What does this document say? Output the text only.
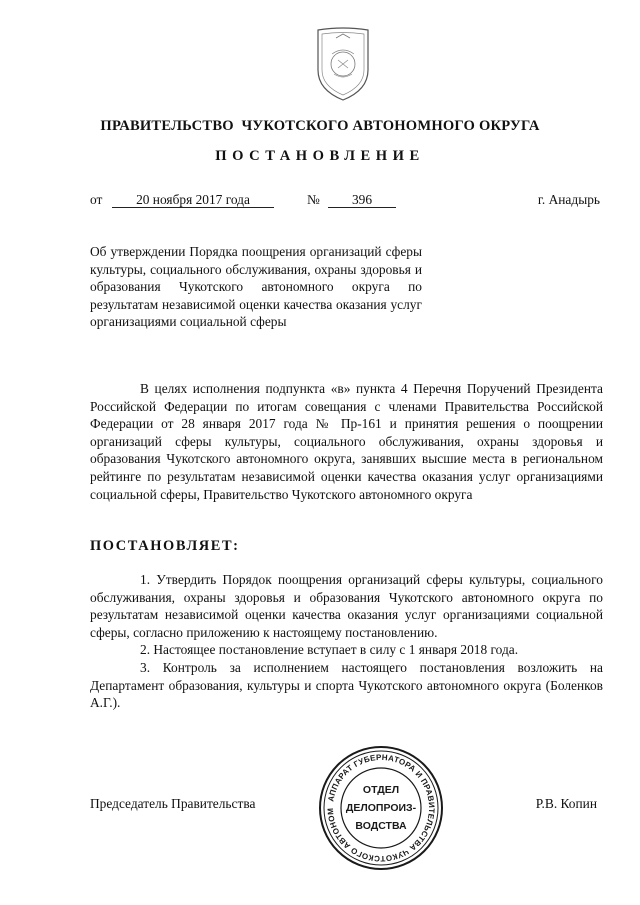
ПРАВИТЕЛЬСТВО  ЧУКОТСКОГО АВТОНОМНОГО ОКРУГА
ПОСТАНОВЛЕНИЕ
от	20 ноября 2017 года	№	396	г. Анадырь
Об утверждении Порядка поощрения организаций сферы культуры, социального обслуживания, охраны здоровья и образования Чукотского автономного округа по результатам независимой оценки качества оказания услуг организациями социальной сферы
В целях исполнения подпункта «в» пункта 4 Перечня Поручений Президента Российской Федерации по итогам совещания с членами Правительства Российской Федерации от 28 января 2017 года № Пр-161 и принятия решения о поощрении организаций сферы культуры, социального обслуживания, охраны здоровья и образования Чукотского автономного округа, занявших высшие места в региональном рейтинге по результатам независимой оценки качества оказания услуг организациями социальной сферы, Правительство Чукотского автономного округа
ПОСТАНОВЛЯЕТ:

1. Утвердить Порядок поощрения организаций сферы культуры, социального обслуживания, охраны здоровья и образования Чукотского автономного округа по результатам независимой оценки качества оказания услуг организациями социальной сферы, согласно приложению к настоящему постановлению.

2. Настоящее постановление вступает в силу с 1 января 2018 года.

3. Контроль за исполнением настоящего постановления возложить на Департамент образования, культуры и спорта Чукотского автономного округа (Боленков А.Г.).

Председатель Правительства	Р.В. Копин
АППАРАТ ГУБЕРНАТОРА И ПРАВИТЕЛЬСТВА ЧУКОТСКОГО АВТОНОМ
ОТДЕЛ
ДЕЛОПРОИЗ-
ВОДСТВА
